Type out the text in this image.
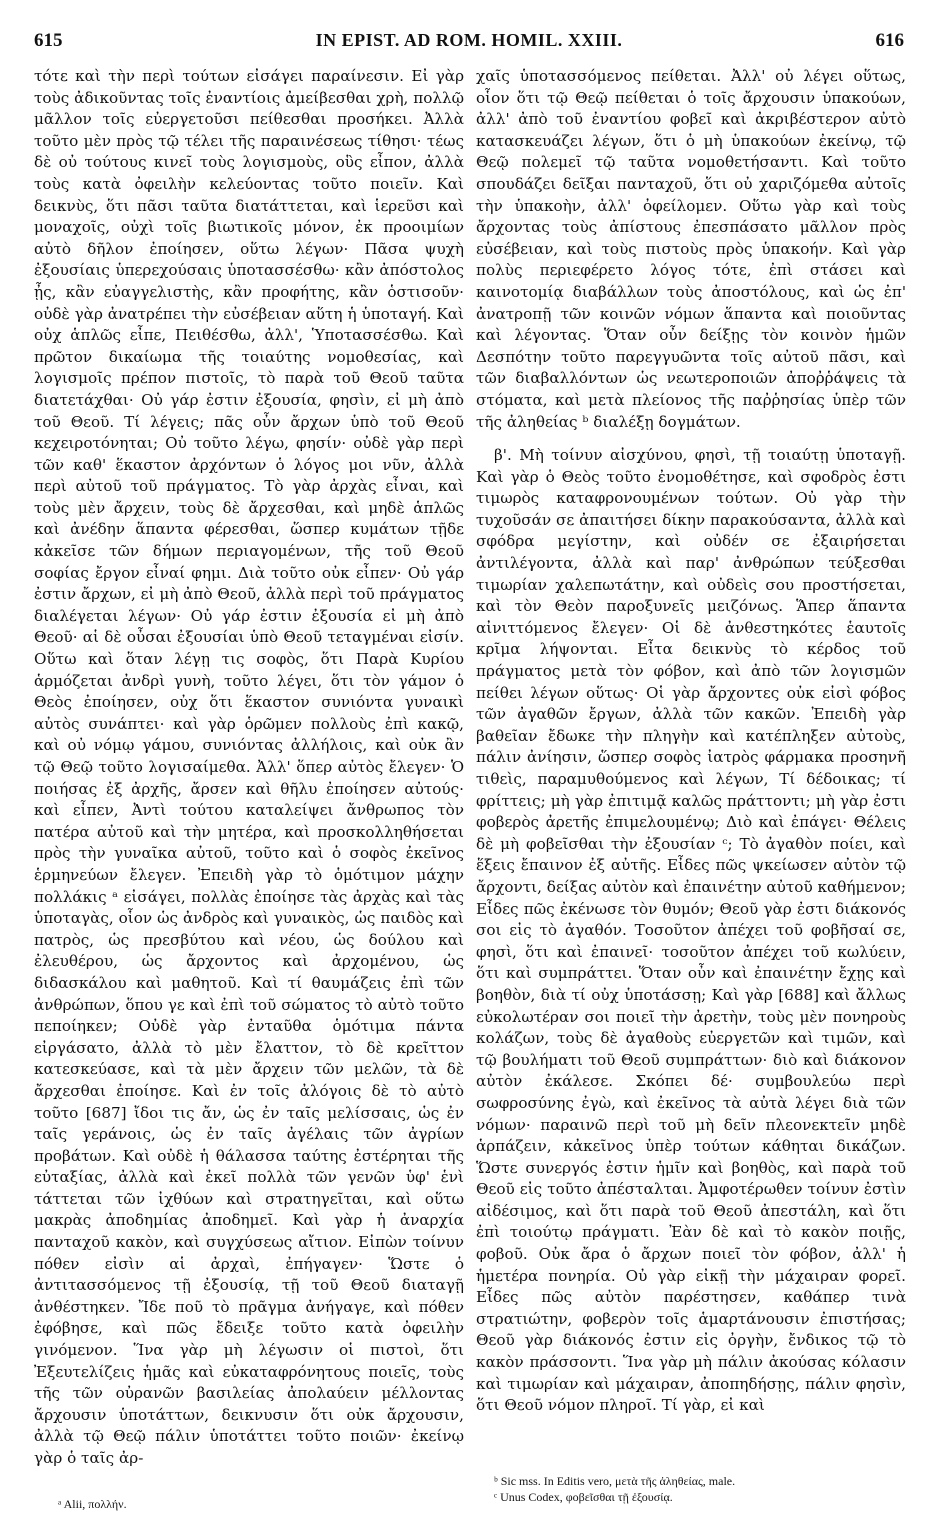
615	IN EPIST. AD ROM. HOMIL. XXIII.	616

τότε καὶ τὴν περὶ τούτων εἰσάγει παραίνεσιν. Εἰ γὰρ τοὺς ἀδικοῦντας τοῖς ἐναντίοις ἀμείβεσθαι χρὴ, πολλῷ μᾶλλον τοῖς εὐεργετοῦσι πείθεσθαι προσήκει. Ἀλλὰ τοῦτο μὲν πρὸς τῷ τέλει τῆς παραινέσεως τίθησι· τέως δὲ οὐ τούτους κινεῖ τοὺς λογισμοὺς, οὓς εἶπον, ἀλλὰ τοὺς κατὰ ὀφειλὴν κελεύοντας τοῦτο ποιεῖν. Καὶ δεικνὺς, ὅτι πᾶσι ταῦτα διατάττεται, καὶ ἱερεῦσι καὶ μοναχοῖς, οὐχὶ τοῖς βιωτικοῖς μόνον, ἐκ προοιμίων αὐτὸ δῆλον ἐποίησεν, οὕτω λέγων· Πᾶσα ψυχὴ ἐξουσίαις ὑπερεχούσαις ὑποτασσέσθω· κἂν ἀπόστολος ᾖς, κἂν εὐαγγελιστὴς, κἂν προφήτης, κἂν ὁστισοῦν· οὐδὲ γὰρ ἀνατρέπει τὴν εὐσέβειαν αὕτη ἡ ὑποταγή. Καὶ οὐχ ἁπλῶς εἶπε, Πειθέσθω, ἀλλ', Ὑποτασσέσθω. Καὶ πρῶτον δικαίωμα τῆς τοιαύτης νομοθεσίας, καὶ λογισμοῖς πρέπον πιστοῖς, τὸ παρὰ τοῦ Θεοῦ ταῦτα διατετάχθαι· Οὐ γάρ ἐστιν ἐξουσία, φησὶν, εἰ μὴ ἀπὸ τοῦ Θεοῦ. Τί λέγεις; πᾶς οὖν ἄρχων ὑπὸ τοῦ Θεοῦ κεχειροτόνηται; Οὐ τοῦτο λέγω, φησίν· οὐδὲ γὰρ περὶ τῶν καθ' ἕκαστον ἀρχόντων ὁ λόγος μοι νῦν, ἀλλὰ περὶ αὐτοῦ τοῦ πράγματος. Τὸ γὰρ ἀρχὰς εἶναι, καὶ τοὺς μὲν ἄρχειν, τοὺς δὲ ἄρχεσθαι, καὶ μηδὲ ἁπλῶς καὶ ἀνέδην ἅπαντα φέρεσθαι, ὥσπερ κυμάτων τῇδε κἀκεῖσε τῶν δήμων περιαγομένων, τῆς τοῦ Θεοῦ σοφίας ἔργον εἶναί φημι. Διὰ τοῦτο οὐκ εἶπεν· Οὐ γάρ ἐστιν ἄρχων, εἰ μὴ ἀπὸ Θεοῦ, ἀλλὰ περὶ τοῦ πράγματος διαλέγεται λέγων· Οὐ γάρ ἐστιν ἐξουσία εἰ μὴ ἀπὸ Θεοῦ· αἱ δὲ οὖσαι ἐξουσίαι ὑπὸ Θεοῦ τεταγμέναι εἰσίν. Οὕτω καὶ ὅταν λέγῃ τις σοφὸς, ὅτι Παρὰ Κυρίου ἁρμόζεται ἀνδρὶ γυνὴ, τοῦτο λέγει, ὅτι τὸν γάμον ὁ Θεὸς ἐποίησεν, οὐχ ὅτι ἕκαστον συνιόντα γυναικὶ αὐτὸς συνάπτει· καὶ γὰρ ὁρῶμεν πολλοὺς ἐπὶ κακῷ, καὶ οὐ νόμῳ γάμου, συνιόντας ἀλλήλοις, καὶ οὐκ ἂν τῷ Θεῷ τοῦτο λογισαίμεθα. Ἀλλ' ὅπερ αὐτὸς ἔλεγεν· Ὁ ποιήσας ἐξ ἀρχῆς, ἄρσεν καὶ θῆλυ ἐποίησεν αὐτούς· καὶ εἶπεν, Ἀντὶ τούτου καταλείψει ἄνθρωπος τὸν πατέρα αὐτοῦ καὶ τὴν μητέρα, καὶ προσκολληθήσεται πρὸς τὴν γυναῖκα αὐτοῦ, τοῦτο καὶ ὁ σοφὸς ἐκεῖνος ἑρμηνεύων ἔλεγεν. Ἐπειδὴ γὰρ τὸ ὁμότιμον μάχην πολλάκις ᵃ εἰσάγει, πολλὰς ἐποίησε τὰς ἀρχὰς καὶ τὰς ὑποταγὰς, οἷον ὡς ἀνδρὸς καὶ γυναικὸς, ὡς παιδὸς καὶ πατρὸς, ὡς πρεσβύτου καὶ νέου, ὡς δούλου καὶ ἐλευθέρου, ὡς ἄρχοντος καὶ ἀρχομένου, ὡς διδασκάλου καὶ μαθητοῦ. Καὶ τί θαυμάζεις ἐπὶ τῶν ἀνθρώπων, ὅπου γε καὶ ἐπὶ τοῦ σώματος τὸ αὐτὸ τοῦτο πεποίηκεν; Οὐδὲ γὰρ ἐνταῦθα ὁμότιμα πάντα εἰργάσατο, ἀλλὰ τὸ μὲν ἔλαττον, τὸ δὲ κρεῖττον κατεσκεύασε, καὶ τὰ μὲν ἄρχειν τῶν μελῶν, τὰ δὲ ἄρχεσθαι ἐποίησε. Καὶ ἐν τοῖς ἀλόγοις δὲ τὸ αὐτὸ τοῦτο [687] ἴδοι τις ἄν, ὡς ἐν ταῖς μελίσσαις, ὡς ἐν ταῖς γεράνοις, ὡς ἐν ταῖς ἀγέλαις τῶν ἀγρίων προβάτων. Καὶ οὐδὲ ἡ θάλασσα ταύτης ἐστέρηται τῆς εὐταξίας, ἀλλὰ καὶ ἐκεῖ πολλὰ τῶν γενῶν ὑφ' ἑνὶ τάττεται τῶν ἰχθύων καὶ στρατηγεῖται, καὶ οὕτω μακρὰς ἀποδημίας ἀποδημεῖ. Καὶ γὰρ ἡ ἀναρχία πανταχοῦ κακὸν, καὶ συγχύσεως αἴτιον. Εἰπὼν τοίνυν πόθεν εἰσὶν αἱ ἀρχαὶ, ἐπήγαγεν· Ὥστε ὁ ἀντιτασσόμενος τῇ ἐξουσίᾳ, τῇ τοῦ Θεοῦ διαταγῇ ἀνθέστηκεν. Ἴδε ποῦ τὸ πρᾶγμα ἀνήγαγε, καὶ πόθεν ἐφόβησε, καὶ πῶς ἔδειξε τοῦτο κατὰ ὀφειλὴν γινόμενον. Ἵνα γὰρ μὴ λέγωσιν οἱ πιστοὶ, ὅτι Ἐξευτελίζεις ἡμᾶς καὶ εὐκαταφρόνητους ποιεῖς, τοὺς τῆς τῶν οὐρανῶν βασιλείας ἀπολαύειν μέλλοντας ἄρχουσιν ὑποτάττων, δεικνυσιν ὅτι οὐκ ἄρχουσιν, ἀλλὰ τῷ Θεῷ πάλιν ὑποτάττει τοῦτο ποιῶν· ἐκείνῳ γὰρ ὁ ταῖς ἀρ-

χαῖς ὑποτασσόμενος πείθεται. Ἀλλ' οὐ λέγει οὕτως, οἷον ὅτι τῷ Θεῷ πείθεται ὁ τοῖς ἄρχουσιν ὑπακούων, ἀλλ' ἀπὸ τοῦ ἐναντίου φοβεῖ καὶ ἀκριβέστερον αὐτὸ κατασκευάζει λέγων, ὅτι ὁ μὴ ὑπακούων ἐκείνῳ, τῷ Θεῷ πολεμεῖ τῷ ταῦτα νομοθετήσαντι. Καὶ τοῦτο σπουδάζει δεῖξαι πανταχοῦ, ὅτι οὐ χαριζόμεθα αὐτοῖς τὴν ὑπακοὴν, ἀλλ' ὀφείλομεν. Οὕτω γὰρ καὶ τοὺς ἄρχοντας τοὺς ἀπίστους ἐπεσπάσατο μᾶλλον πρὸς εὐσέβειαν, καὶ τοὺς πιστοὺς πρὸς ὑπακοήν. Καὶ γὰρ πολὺς περιεφέρετο λόγος τότε, ἐπὶ στάσει καὶ καινοτομίᾳ διαβάλλων τοὺς ἀποστόλους, καὶ ὡς ἐπ' ἀνατροπῇ τῶν κοινῶν νόμων ἅπαντα καὶ ποιοῦντας καὶ λέγοντας. Ὅταν οὖν δείξῃς τὸν κοινὸν ἡμῶν Δεσπότην τοῦτο παρεγγυῶντα τοῖς αὐτοῦ πᾶσι, καὶ τῶν διαβαλλόντων ὡς νεωτεροποιῶν ἀποῤῥάψεις τὰ στόματα, καὶ μετὰ πλείονος τῆς παῤῥησίας ὑπὲρ τῶν τῆς ἀληθείας ᵇ διαλέξῃ δογμάτων.

β'. Μὴ τοίνυν αἰσχύνου, φησὶ, τῇ τοιαύτῃ ὑποταγῇ. Καὶ γὰρ ὁ Θεὸς τοῦτο ἐνομοθέτησε, καὶ σφοδρὸς ἐστι τιμωρὸς καταφρονουμένων τούτων. Οὐ γὰρ τὴν τυχοῦσάν σε ἀπαιτήσει δίκην παρακούσαντα, ἀλλὰ καὶ σφόδρα μεγίστην, καὶ οὐδέν σε ἐξαιρήσεται ἀντιλέγοντα, ἀλλὰ καὶ παρ' ἀνθρώπων τεύξεσθαι τιμωρίαν χαλεπωτάτην, καὶ οὐδεὶς σου προστήσεται, καὶ τὸν Θεὸν παροξυνεῖς μειζόνως. Ἅπερ ἅπαντα αἰνιττόμενος ἔλεγεν· Οἱ δὲ ἀνθεστηκότες ἑαυτοῖς κρῖμα λήψονται. Εἶτα δεικνὺς τὸ κέρδος τοῦ πράγματος μετὰ τὸν φόβον, καὶ ἀπὸ τῶν λογισμῶν πείθει λέγων οὕτως· Οἱ γὰρ ἄρχοντες οὐκ εἰσὶ φόβος τῶν ἀγαθῶν ἔργων, ἀλλὰ τῶν κακῶν. Ἐπειδὴ γὰρ βαθεῖαν ἔδωκε τὴν πληγὴν καὶ κατέπληξεν αὐτοὺς, πάλιν ἀνίησιν, ὥσπερ σοφὸς ἰατρὸς φάρμακα προσηνῆ τιθεὶς, παραμυθούμενος καὶ λέγων, Τί δέδοικας; τί φρίττεις; μὴ γὰρ ἐπιτιμᾷ καλῶς πράττοντι; μὴ γὰρ ἐστι φοβερὸς ἀρετῆς ἐπιμελουμένῳ; Διὸ καὶ ἐπάγει· Θέλεις δὲ μὴ φοβεῖσθαι τὴν ἐξουσίαν ᶜ; Τὸ ἀγαθὸν ποίει, καὶ ἕξεις ἔπαινον ἐξ αὐτῆς. Εἶδες πῶς ψκείωσεν αὐτὸν τῷ ἄρχοντι, δείξας αὐτὸν καὶ ἐπαινέτην αὐτοῦ καθήμενον; Εἶδες πῶς ἐκένωσε τὸν θυμόν; Θεοῦ γὰρ ἐστι διάκονός σοι εἰς τὸ ἀγαθόν. Τοσοῦτον ἀπέχει τοῦ φοβῆσαί σε, φησὶ, ὅτι καὶ ἐπαινεῖ· τοσοῦτον ἀπέχει τοῦ κωλύειν, ὅτι καὶ συμπράττει. Ὅταν οὖν καὶ ἐπαινέτην ἔχῃς καὶ βοηθὸν, διὰ τί οὐχ ὑποτάσσῃ; Καὶ γὰρ [688] καὶ ἄλλως εὐκολωτέραν σοι ποιεῖ τὴν ἀρετὴν, τοὺς μὲν πονηροὺς κολάζων, τοὺς δὲ ἀγαθοὺς εὐεργετῶν καὶ τιμῶν, καὶ τῷ βουλήματι τοῦ Θεοῦ συμπράττων· διὸ καὶ διάκονον αὐτὸν ἐκάλεσε. Σκόπει δέ· συμβουλεύω περὶ σωφροσύνης ἐγὼ, καὶ ἐκεῖνος τὰ αὐτὰ λέγει διὰ τῶν νόμων· παραινῶ περὶ τοῦ μὴ δεῖν πλεονεκτεῖν μηδὲ ἁρπάζειν, κἀκεῖνος ὑπὲρ τούτων κάθηται δικάζων. Ὥστε συνεργός ἐστιν ἡμῖν καὶ βοηθὸς, καὶ παρὰ τοῦ Θεοῦ εἰς τοῦτο ἀπέσταλται. Ἀμφοτέρωθεν τοίνυν ἐστὶν αἰδέσιμος, καὶ ὅτι παρὰ τοῦ Θεοῦ ἀπεστάλη, καὶ ὅτι ἐπὶ τοιούτῳ πράγματι. Ἐὰν δὲ καὶ τὸ κακὸν ποιῇς, φοβοῦ. Οὐκ ἄρα ὁ ἄρχων ποιεῖ τὸν φόβον, ἀλλ' ἡ ἡμετέρα πονηρία. Οὐ γὰρ εἰκῇ τὴν μάχαιραν φορεῖ. Εἶδες πῶς αὐτὸν παρέστησεν, καθάπερ τινὰ στρατιώτην, φοβερὸν τοῖς ἁμαρτάνουσιν ἐπιστήσας; Θεοῦ γὰρ διάκονός ἐστιν εἰς ὀργὴν, ἔνδικος τῷ τὸ κακὸν πράσσοντι. Ἵνα γὰρ μὴ πάλιν ἀκούσας κόλασιν καὶ τιμωρίαν καὶ μάχαιραν, ἀποπηδήσῃς, πάλιν φησὶν, ὅτι Θεοῦ νόμον πληροῖ. Τί γὰρ, εἰ καὶ

ᵃ Alii, πολλήν.
ᵇ Sic mss. In Editis vero, μετὰ τῆς ἀληθείας, male.
ᶜ Unus Codex, φοβεῖσθαι τῇ ἐξουσίᾳ.
